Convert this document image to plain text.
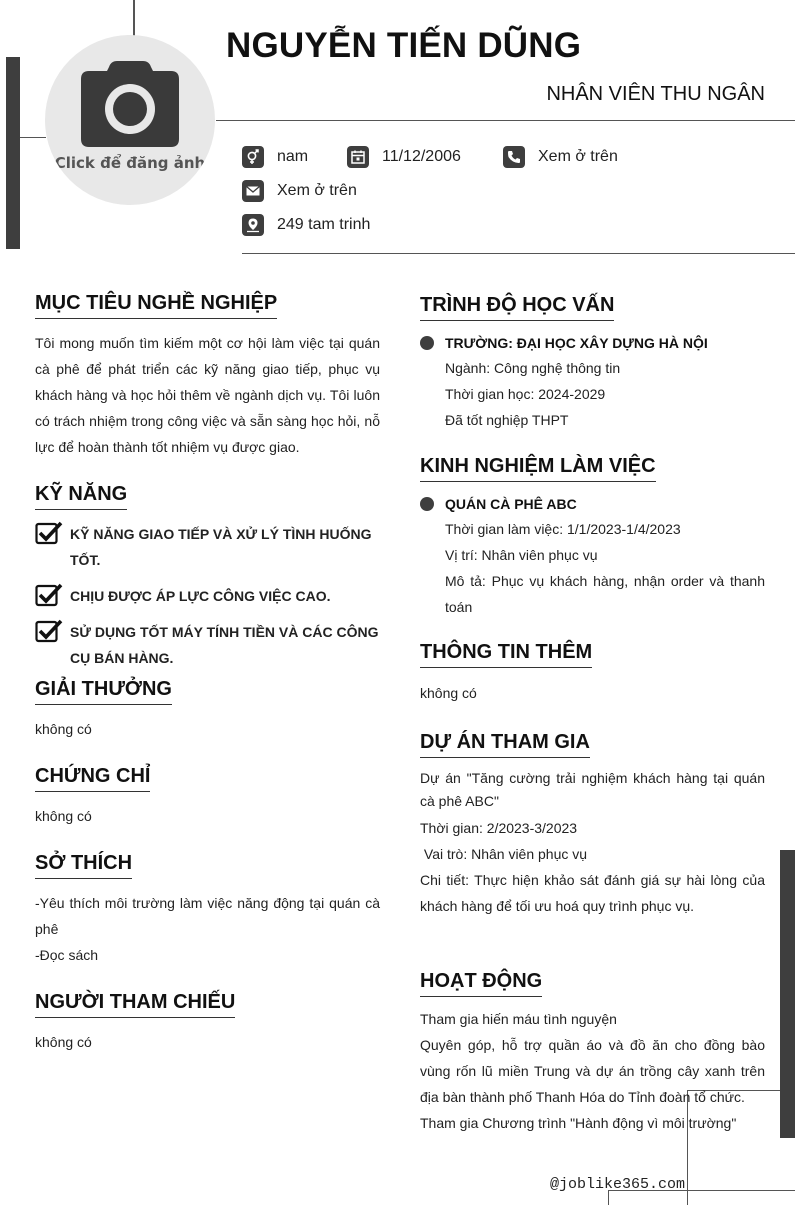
Click để đăng ảnh
NGUYỄN TIẾN DŨNG
NHÂN VIÊN THU NGÂN
nam	11/12/2006	Xem ở trên
Xem ở trên
249 tam trinh
MỤC TIÊU NGHỀ NGHIỆP
Tôi mong muốn tìm kiếm một cơ hội làm việc tại quán cà phê để phát triển các kỹ năng giao tiếp, phục vụ khách hàng và học hỏi thêm về ngành dịch vụ. Tôi luôn có trách nhiệm trong công việc và sẵn sàng học hỏi, nỗ lực để hoàn thành tốt nhiệm vụ được giao.
KỸ NĂNG
KỸ NĂNG GIAO TIẾP VÀ XỬ LÝ TÌNH HUỐNG TỐT.
CHỊU ĐƯỢC ÁP LỰC CÔNG VIỆC CAO.
SỬ DỤNG TỐT MÁY TÍNH TIỀN VÀ CÁC CÔNG CỤ BÁN HÀNG.
GIẢI THƯỞNG
không có
CHỨNG CHỈ
không có
SỞ THÍCH
-Yêu thích môi trường làm việc năng động tại quán cà phê
-Đọc sách
NGƯỜI THAM CHIẾU
không có
TRÌNH ĐỘ HỌC VẤN
TRƯỜNG: ĐẠI HỌC XÂY DỰNG HÀ NỘI
Ngành: Công nghệ thông tin
Thời gian học: 2024-2029
Đã tốt nghiệp THPT
KINH NGHIỆM LÀM VIỆC
QUÁN CÀ PHÊ ABC
Thời gian làm việc: 1/1/2023-1/4/2023
Vị trí: Nhân viên phục vụ
Mô tả: Phục vụ khách hàng, nhận order và thanh toán
THÔNG TIN THÊM
không có
DỰ ÁN THAM GIA
Dự án "Tăng cường trải nghiệm khách hàng tại quán cà phê ABC"
Thời gian: 2/2023-3/2023
Vai trò: Nhân viên phục vụ
Chi tiết: Thực hiện khảo sát đánh giá sự hài lòng của khách hàng để tối ưu hoá quy trình phục vụ.
HOẠT ĐỘNG
Tham gia hiến máu tình nguyện
Quyên góp, hỗ trợ quần áo và đồ ăn cho đồng bào vùng rốn lũ miền Trung và dự án trồng cây xanh trên địa bàn thành phố Thanh Hóa do Tỉnh đoàn tổ chức.
Tham gia Chương trình "Hành động vì môi trường"
@joblike365.com
